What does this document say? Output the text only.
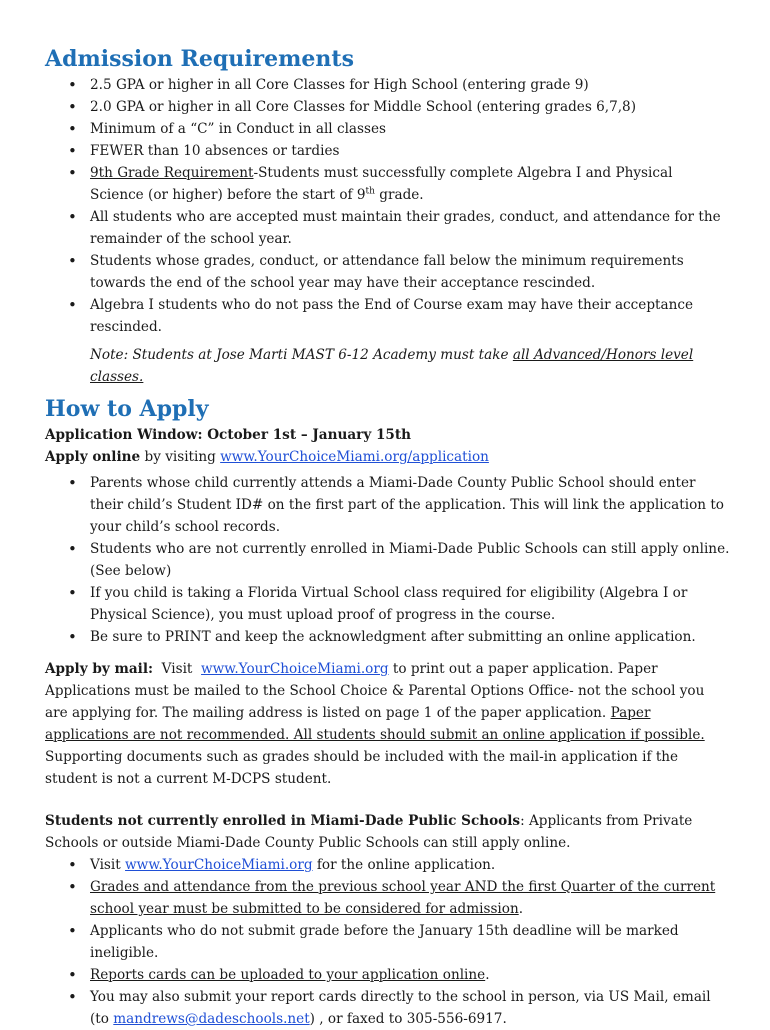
Admission Requirements
• 2.5 GPA or higher in all Core Classes for High School (entering grade 9)
• 2.0 GPA or higher in all Core Classes for Middle School (entering grades 6,7,8)
• Minimum of a “C” in Conduct in all classes
• FEWER than 10 absences or tardies
• 9th Grade Requirement-Students must successfully complete Algebra I and Physical Science (or higher) before the start of 9th grade.
• All students who are accepted must maintain their grades, conduct, and attendance for the remainder of the school year.
• Students whose grades, conduct, or attendance fall below the minimum requirements towards the end of the school year may have their acceptance rescinded.
• Algebra I students who do not pass the End of Course exam may have their acceptance rescinded.

Note: Students at Jose Marti MAST 6-12 Academy must take all Advanced/Honors level classes.

How to Apply

Application Window: October 1st – January 15th

Apply online by visiting www.YourChoiceMiami.org/application

• Parents whose child currently attends a Miami-Dade County Public School should enter their child’s Student ID# on the first part of the application. This will link the application to your child’s school records.
• Students who are not currently enrolled in Miami-Dade Public Schools can still apply online. (See below)
• If you child is taking a Florida Virtual School class required for eligibility (Algebra I or Physical Science), you must upload proof of progress in the course.
• Be sure to PRINT and keep the acknowledgment after submitting an online application.

Apply by mail:  Visit  www.YourChoiceMiami.org to print out a paper application. Paper Applications must be mailed to the School Choice & Parental Options Office- not the school you are applying for. The mailing address is listed on page 1 of the paper application. Paper applications are not recommended. All students should submit an online application if possible. Supporting documents such as grades should be included with the mail-in application if the student is not a current M-DCPS student.

Students not currently enrolled in Miami-Dade Public Schools: Applicants from Private Schools or outside Miami-Dade County Public Schools can still apply online.

• Visit www.YourChoiceMiami.org for the online application.
• Grades and attendance from the previous school year AND the first Quarter of the current school year must be submitted to be considered for admission.
• Applicants who do not submit grade before the January 15th deadline will be marked ineligible.
• Reports cards can be uploaded to your application online.
• You may also submit your report cards directly to the school in person, via US Mail, email (to mandrews@dadeschools.net) , or faxed to 305-556-6917.
